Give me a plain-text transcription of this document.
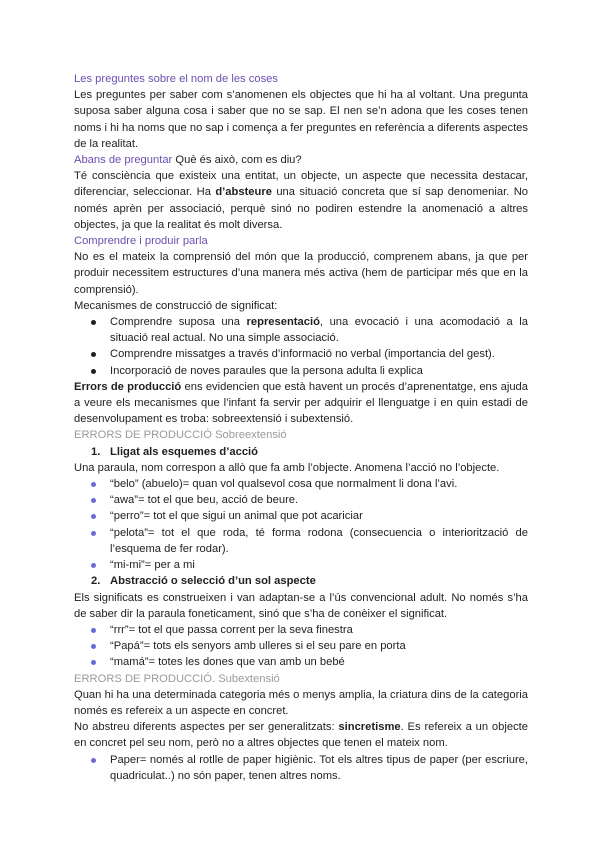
Les preguntes sobre el nom de les coses

Les preguntes per saber com s’anomenen els objectes que hi ha al voltant. Una pregunta suposa saber alguna cosa i saber que no se sap. El nen se’n adona que les coses tenen noms i hi ha noms que no sap i comença a fer preguntes en referència a diferents aspectes de la realitat.

Abans de preguntar Què és això, com es diu?

Té consciència que existeix una entitat, un objecte, un aspecte que necessita destacar, diferenciar, seleccionar. Ha d’absteure una situació concreta que sí sap denomeniar. No només aprèn per associació, perquè sinó no podiren estendre la anomenació a altres objectes, ja que la realitat és molt diversa.

Comprendre i produir parla

No es el mateix la comprensió del món que la producció, comprenem abans, ja que per produir necessitem estructures d’una manera més activa (hem de participar més que en la comprensió).

Mecanismes de construcció de significat:

Comprendre suposa una representació, una evocació i una acomodació a la situació real actual. No una simple associació.
Comprendre missatges a través d’informació no verbal (importancia del gest).
Incorporació de noves paraules que la persona adulta li explica

Errors de producció ens evidencien que està havent un procés d’aprenentatge, ens ajuda a veure els mecanismes que l’infant fa servir per adquirir el llenguatge i en quin estadi de desenvolupament es troba: sobreextensió i subextensió.

ERRORS DE PRODUCCIÓ Sobreextensió

1. Lligat als esquemes d’acció

Una paraula, nom correspon a allò que fa amb l’objecte. Anomena l’acció no l’objecte.

“belo” (abuelo)= quan vol qualsevol cosa que normalment li dona l’avi.
“awa”= tot el que beu, acció de beure.
“perro”= tot el que sigui un animal que pot acariciar
“pelota”= tot el que roda, té forma rodona (consecuencia o interiorització de l’esquema de fer rodar).
“mi-mi”= per a mi
2. Abstracció o selecció d’un sol aspecte

Els significats es construeixen i van adaptan-se a l’ús convencional adult. No només s’ha de saber dir la paraula foneticament, sinó que s’ha de conèixer el significat.

“rrr”= tot el que passa corrent per la seva finestra
“Papá”= tots els senyors amb ulleres si el seu pare en porta
“mamá”= totes les dones que van amb un bebé

ERRORS DE PRODUCCIÓ. Subextensió

Quan hi ha una determinada categoria més o menys amplia, la criatura dins de la categoria només es refereix a un aspecte en concret.

No abstreu diferents aspectes per ser generalitzats: sincretisme. Es refereix a un objecte en concret pel seu nom, però no a altres objectes que tenen el mateix nom.

Paper= només al rotlle de paper higiènic. Tot els altres tipus de paper (per escriure, quadriculat..) no són paper, tenen altres noms.
